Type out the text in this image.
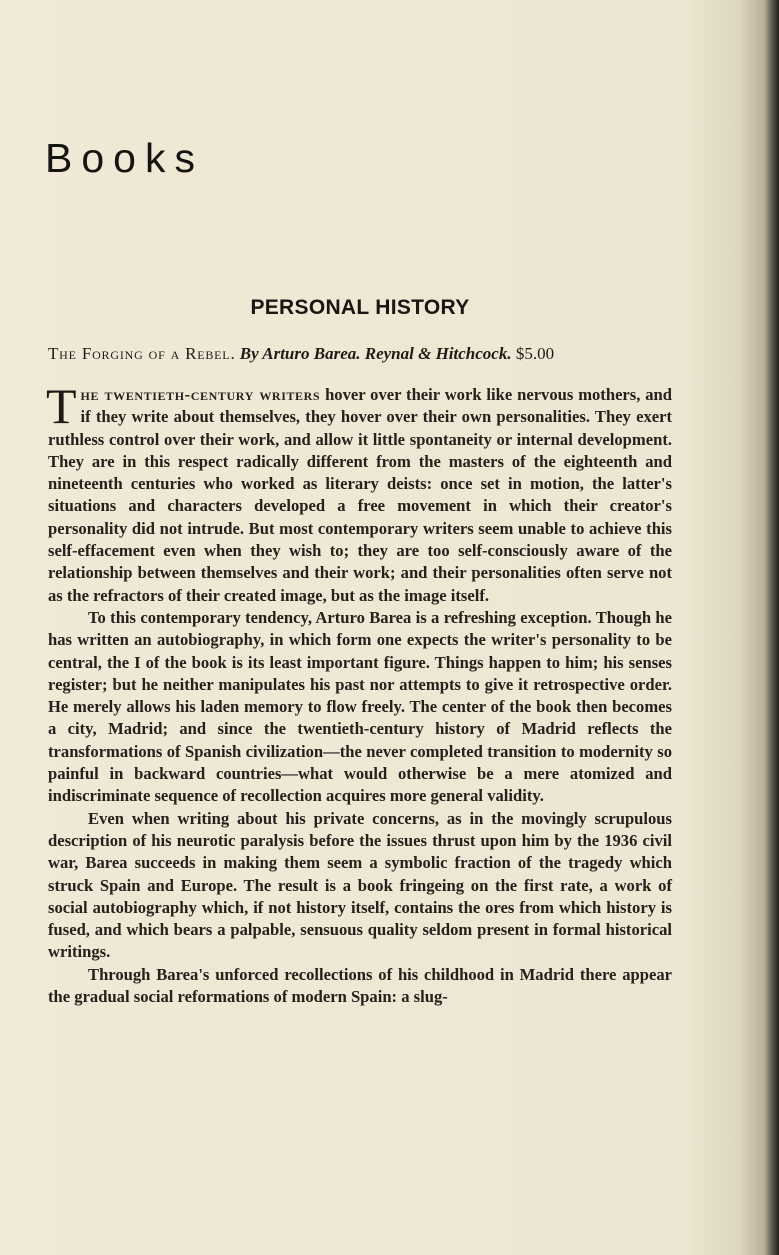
Books
PERSONAL HISTORY
The Forging of a Rebel. By Arturo Barea. Reynal & Hitchcock. $5.00

The twentieth-century writers hover over their work like nervous mothers, and if they write about themselves, they hover over their own personalities. They exert ruthless control over their work, and allow it little spontaneity or internal development. They are in this respect radically different from the masters of the eighteenth and nineteenth centuries who worked as literary deists: once set in motion, the latter's situations and characters developed a free movement in which their creator's personality did not intrude. But most contemporary writers seem unable to achieve this self-effacement even when they wish to; they are too self-consciously aware of the relationship between themselves and their work; and their personalities often serve not as the refractors of their created image, but as the image itself.

To this contemporary tendency, Arturo Barea is a refreshing exception. Though he has written an autobiography, in which form one expects the writer's personality to be central, the I of the book is its least important figure. Things happen to him; his senses register; but he neither manipulates his past nor attempts to give it retrospective order. He merely allows his laden memory to flow freely. The center of the book then becomes a city, Madrid; and since the twentieth-century history of Madrid reflects the transformations of Spanish civilization—the never completed transition to modernity so painful in backward countries—what would otherwise be a mere atomized and indiscriminate sequence of recollection acquires more general validity.

Even when writing about his private concerns, as in the movingly scrupulous description of his neurotic paralysis before the issues thrust upon him by the 1936 civil war, Barea succeeds in making them seem a symbolic fraction of the tragedy which struck Spain and Europe. The result is a book fringeing on the first rate, a work of social autobiography which, if not history itself, contains the ores from which history is fused, and which bears a palpable, sensuous quality seldom present in formal historical writings.

Through Barea's unforced recollections of his childhood in Madrid there appear the gradual social reformations of modern Spain: a slug-
